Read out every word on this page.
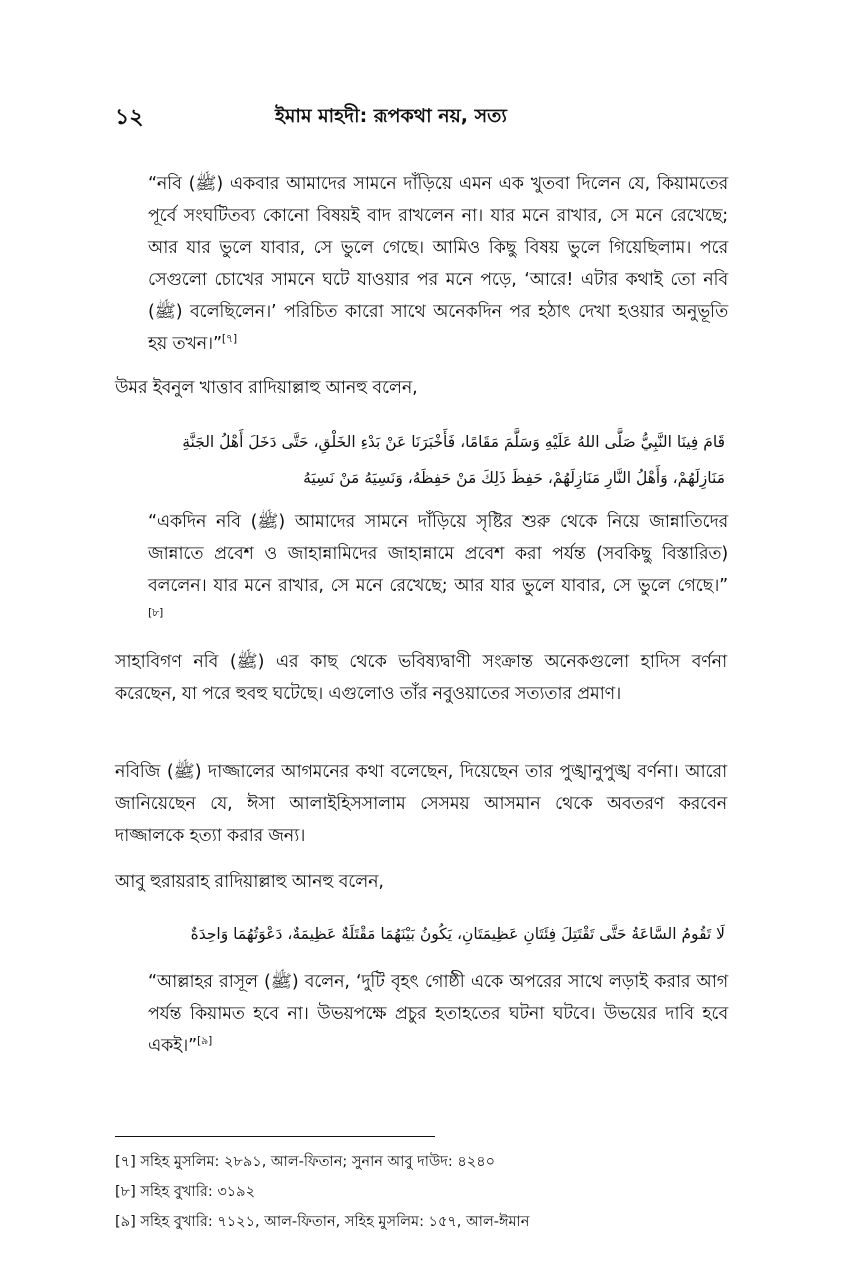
১২	ইমাম মাহদী: রূপকথা নয়, সত্য

“নবি (ﷺ) একবার আমাদের সামনে দাঁড়িয়ে এমন এক খুতবা দিলেন যে, কিয়ামতের পূর্বে সংঘটিতব্য কোনো বিষয়ই বাদ রাখলেন না। যার মনে রাখার, সে মনে রেখেছে; আর যার ভুলে যাবার, সে ভুলে গেছে। আমিও কিছু বিষয় ভুলে গিয়েছিলাম। পরে সেগুলো চোখের সামনে ঘটে যাওয়ার পর মনে পড়ে, ‘আরে! এটার কথাই তো নবি (ﷺ) বলেছিলেন।’ পরিচিত কারো সাথে অনেকদিন পর হঠাৎ দেখা হওয়ার অনুভূতি হয় তখন।”[৭]

উমর ইবনুল খাত্তাব রাদিয়াল্লাহু আনহু বলেন,

قَامَ فِينَا النَّبِيُّ صَلَّى اللهُ عَلَيْهِ وَسَلَّمَ مَقَامًا، فَأَخْبَرَنَا عَنْ بَدْءِ الخَلْقِ، حَتَّى دَخَلَ أَهْلُ الجَنَّةِ
مَنَازِلَهُمْ، وَأَهْلُ النَّارِ مَنَازِلَهُمْ، حَفِظَ ذَلِكَ مَنْ حَفِظَهُ، وَنَسِيَهُ مَنْ نَسِيَهُ

“একদিন নবি (ﷺ) আমাদের সামনে দাঁড়িয়ে সৃষ্টির শুরু থেকে নিয়ে জান্নাতিদের জান্নাতে প্রবেশ ও জাহান্নামিদের জাহান্নামে প্রবেশ করা পর্যন্ত (সবকিছু বিস্তারিত) বললেন। যার মনে রাখার, সে মনে রেখেছে; আর যার ভুলে যাবার, সে ভুলে গেছে।” [৮]

সাহাবিগণ নবি (ﷺ) এর কাছ থেকে ভবিষ্যদ্বাণী সংক্রান্ত অনেকগুলো হাদিস বর্ণনা করেছেন, যা পরে হুবহু ঘটেছে। এগুলোও তাঁর নবুওয়াতের সত্যতার প্রমাণ।

নবিজি (ﷺ) দাজ্জালের আগমনের কথা বলেছেন, দিয়েছেন তার পুঙ্খানুপুঙ্খ বর্ণনা। আরো জানিয়েছেন যে, ঈসা আলাইহিসসালাম সেসময় আসমান থেকে অবতরণ করবেন দাজ্জালকে হত্যা করার জন্য।

আবু হুরায়রাহ রাদিয়াল্লাহু আনহু বলেন,

لَا تَقُومُ السَّاعَةُ حَتَّى تَقْتَتِلَ فِئَتَانِ عَظِيمَتَانِ، يَكُونُ بَيْنَهُمَا مَقْتَلَةٌ عَظِيمَةٌ، دَعْوَتُهُمَا وَاحِدَةٌ

“আল্লাহর রাসূল (ﷺ) বলেন, ‘দুটি বৃহৎ গোষ্ঠী একে অপরের সাথে লড়াই করার আগ পর্যন্ত কিয়ামত হবে না। উভয়পক্ষে প্রচুর হতাহতের ঘটনা ঘটবে। উভয়ের দাবি হবে একই।”[৯]

[৭] সহিহ মুসলিম: ২৮৯১, আল-ফিতান; সুনান আবু দাউদ: ৪২৪০

[৮] সহিহ বুখারি: ৩১৯২

[৯] সহিহ বুখারি: ৭১২১, আল-ফিতান, সহিহ মুসলিম: ১৫৭, আল-ঈমান
